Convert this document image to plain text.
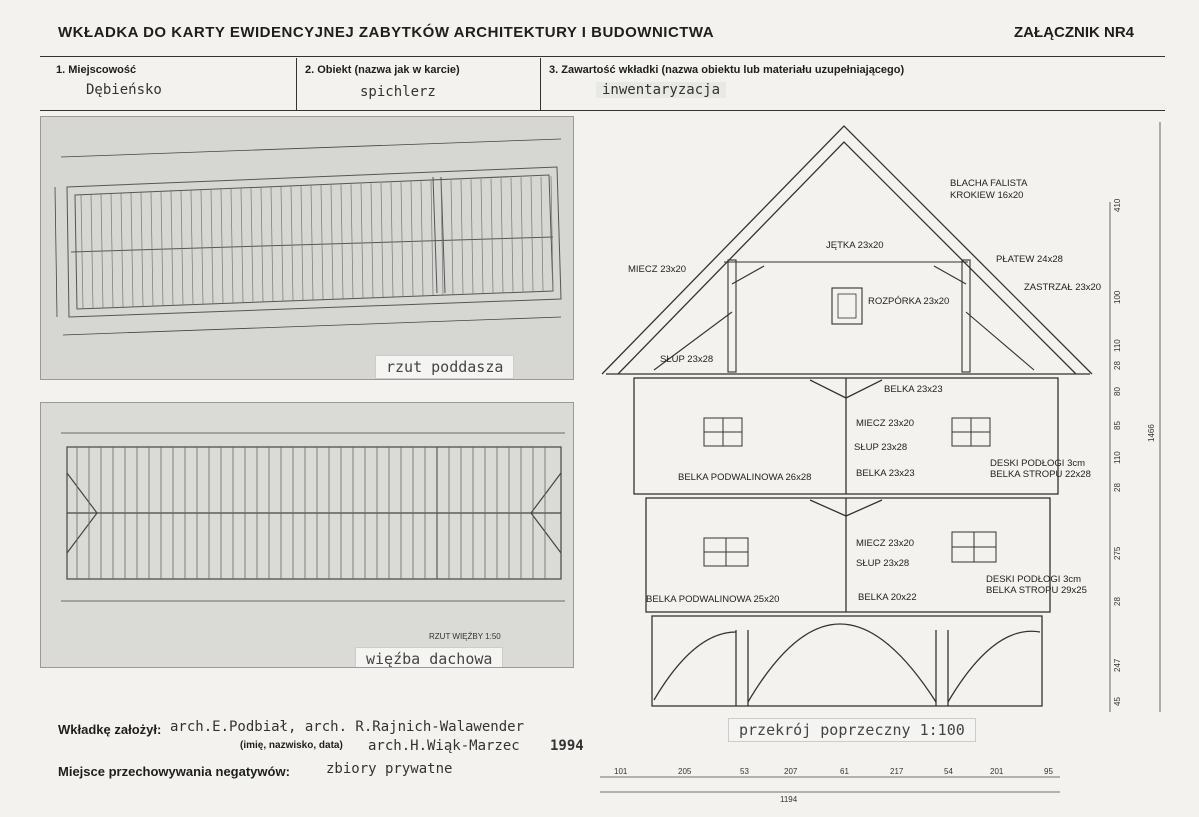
WKŁADKA DO KARTY EWIDENCYJNEJ ZABYTKÓW ARCHITEKTURY I BUDOWNICTWA	ZAŁĄCZNIK NR4
1. Miejscowość
Dębieńsko
2. Obiekt (nazwa jak w karcie)
spichlerz
3. Zawartość wkładki (nazwa obiektu lub materiału uzupełniającego)
inwentaryzacja
rzut poddasza
RZUT WIĘŹBY 1:50
więźba dachowa
BLACHA FALISTA
KROKIEW 16x20
JĘTKA 23x20
PŁATEW 24x28
MIECZ 23x20
ROZPÓRKA 23x20
ZASTRZAŁ 23x20
SŁUP 23x28
BELKA 23x23
MIECZ 23x20
SŁUP 23x28
DESKI PODŁOGI 3cm
BELKA STROPU 22x28
BELKA PODWALINOWA 26x28	BELKA 23x23
MIECZ 23x20
SŁUP 23x28
DESKI PODŁOGI 3cm
BELKA STROPU 29x25
BELKA PODWALINOWA 25x20	BELKA 20x22
101	205	53	207	61	217	54	201	95
1194
410
100
110
28
80
85
110
28
275
28
247
45
1466
przekrój poprzeczny 1:100
Wkładkę założył: arch.E.Podbiał, arch. R.Rajnich-Walawender
(imię, nazwisko, data) arch.H.Wiąk-Marzec 1994
Miejsce przechowywania negatywów:	zbiory prywatne
